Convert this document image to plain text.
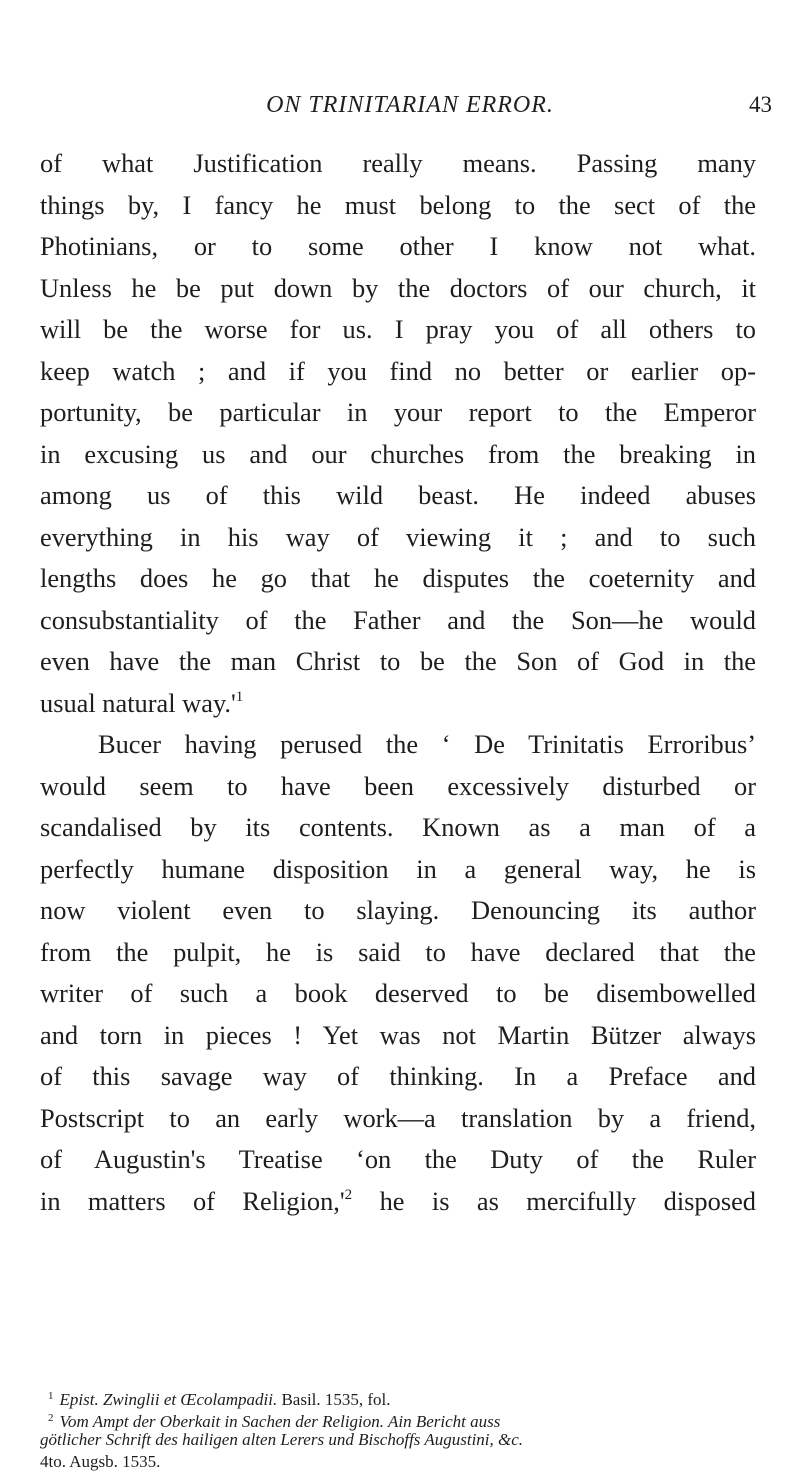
ON TRINITARIAN ERROR.	43
of what Justification really means. Passing many
things by, I fancy he must belong to the sect of the
Photinians, or to some other I know not what.
Unless he be put down by the doctors of our church, it
will be the worse for us. I pray you of all others to
keep watch ; and if you find no better or earlier op-
portunity, be particular in your report to the Emperor
in excusing us and our churches from the breaking in
among us of this wild beast. He indeed abuses
everything in his way of viewing it ; and to such
lengths does he go that he disputes the coeternity and
consubstantiality of the Father and the Son—he would
even have the man Christ to be the Son of God in the
usual natural $way.'^1$
Bucer having perused the ‘ De Trinitatis Erroribus’
would seem to have been excessively disturbed or
scandalised by its contents. Known as a man of a
perfectly humane disposition in a general way, he is
now violent even to slaying. Denouncing its author
from the pulpit, he is said to have declared that the
writer of such a book deserved to be disembowelled
and torn in pieces ! Yet was not Martin Bützer always
of this savage way of thinking. In a Preface and
Postscript to an early work—a translation by a friend,
of Augustin's Treatise ‘on the Duty of the Ruler
in matters of $Religion,'^2$ he is as mercifully disposed
$^1$ Epist. Zwinglii et Œcolampadii. Basil. 1535, fol.
$^2$ Vom Ampt der Oberkait in Sachen der Religion. Ain Bericht auss
götlicher Schrift des hailigen alten Lerers und Bischoffs Augustini, &c.
4to. Augsb. 1535.
